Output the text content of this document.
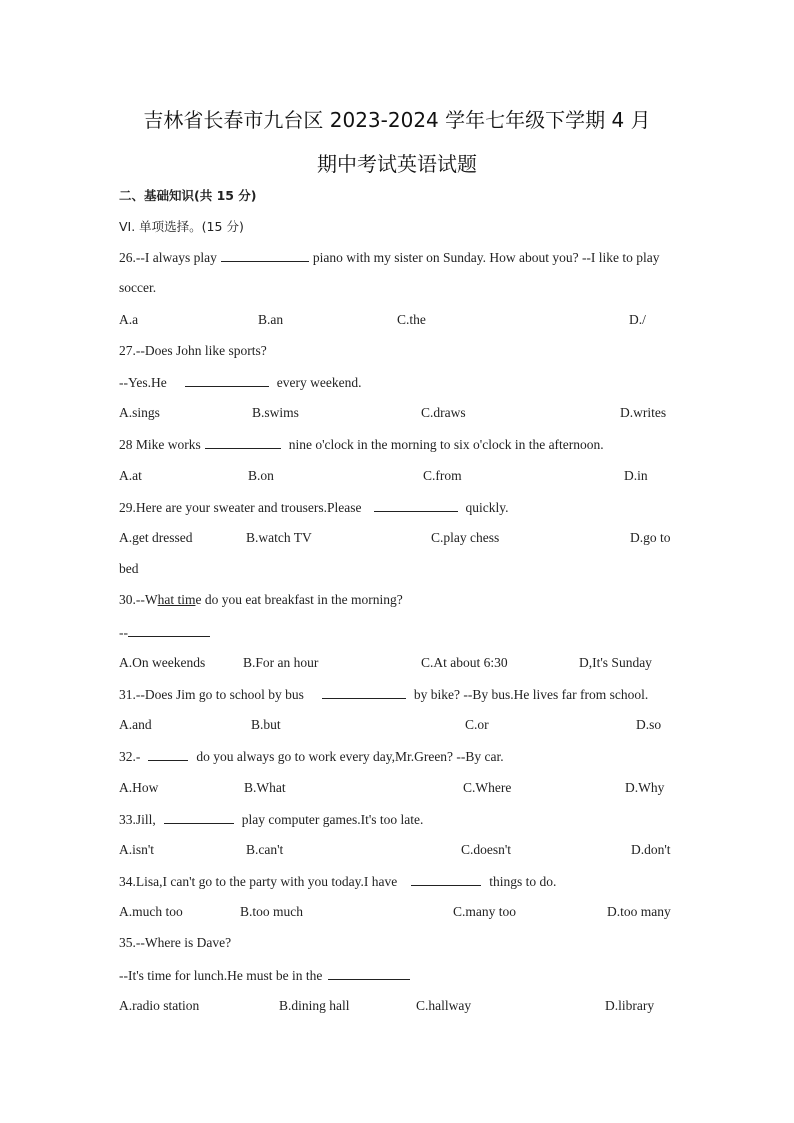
吉林省长春市九台区 2023-2024 学年七年级下学期 4 月
期中考试英语试题
二、基础知识(共 15 分)
VI. 单项选择。(15 分)
26.--I always play	piano with my sister on Sunday. How about you? --I like to play
soccer.
A.a	B.an	C.the	D./
27.--Does John like sports?
--Yes.He	every weekend.
A.sings	B.swims	C.draws	D.writes
28 Mike works	nine o'clock in the morning to six o'clock in the afternoon.
A.at	B.on	C.from	D.in
29.Here are your sweater and trousers.Please	quickly.
A.get dressed	B.watch TV	C.play chess	D.go to
bed
30.--What time do you eat breakfast in the morning?
--
A.On weekends	B.For an hour	C.At about 6:30	D,It's Sunday
31.--Does Jim go to school by bus	by bike? --By bus.He lives far from school.
A.and	B.but	C.or	D.so
32.-	do you always go to work every day,Mr.Green? --By car.
A.How	B.What	C.Where	D.Why
33.Jill,	play computer games.It's too late.
A.isn't	B.can't	C.doesn't	D.don't
34.Lisa,I can't go to the party with you today.I have	things to do.
A.much too	B.too much	C.many too	D.too many
35.--Where is Dave?
--It's time for lunch.He must be in the
A.radio station	B.dining hall	C.hallway	D.library
